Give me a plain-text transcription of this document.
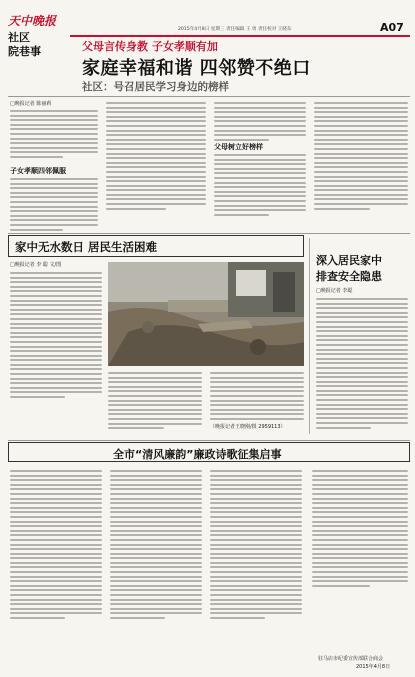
天中晚报
社区
院巷事
2015年4月8日 星期三 责任编辑 王 勇 责任校对 王晓东	A07
父母言传身教 子女孝顺有加
家庭幸福和谐 四邻赞不绝口
社区：号召居民学习身边的榜样
□晚报记者 陈丽莉
子女孝顺四邻佩服
父母树立好榜样
家中无水数日 居民生活困难
□晚报记者 李 聪 文/图
（晚报记者王晓刚/摄 2959113）
深入居民家中
排查安全隐患
□晚报记者 李聪
全市“清风廉韵”廉政诗歌征集启事
驻马店市纪委宣传部联合商会
2015年4月8日
